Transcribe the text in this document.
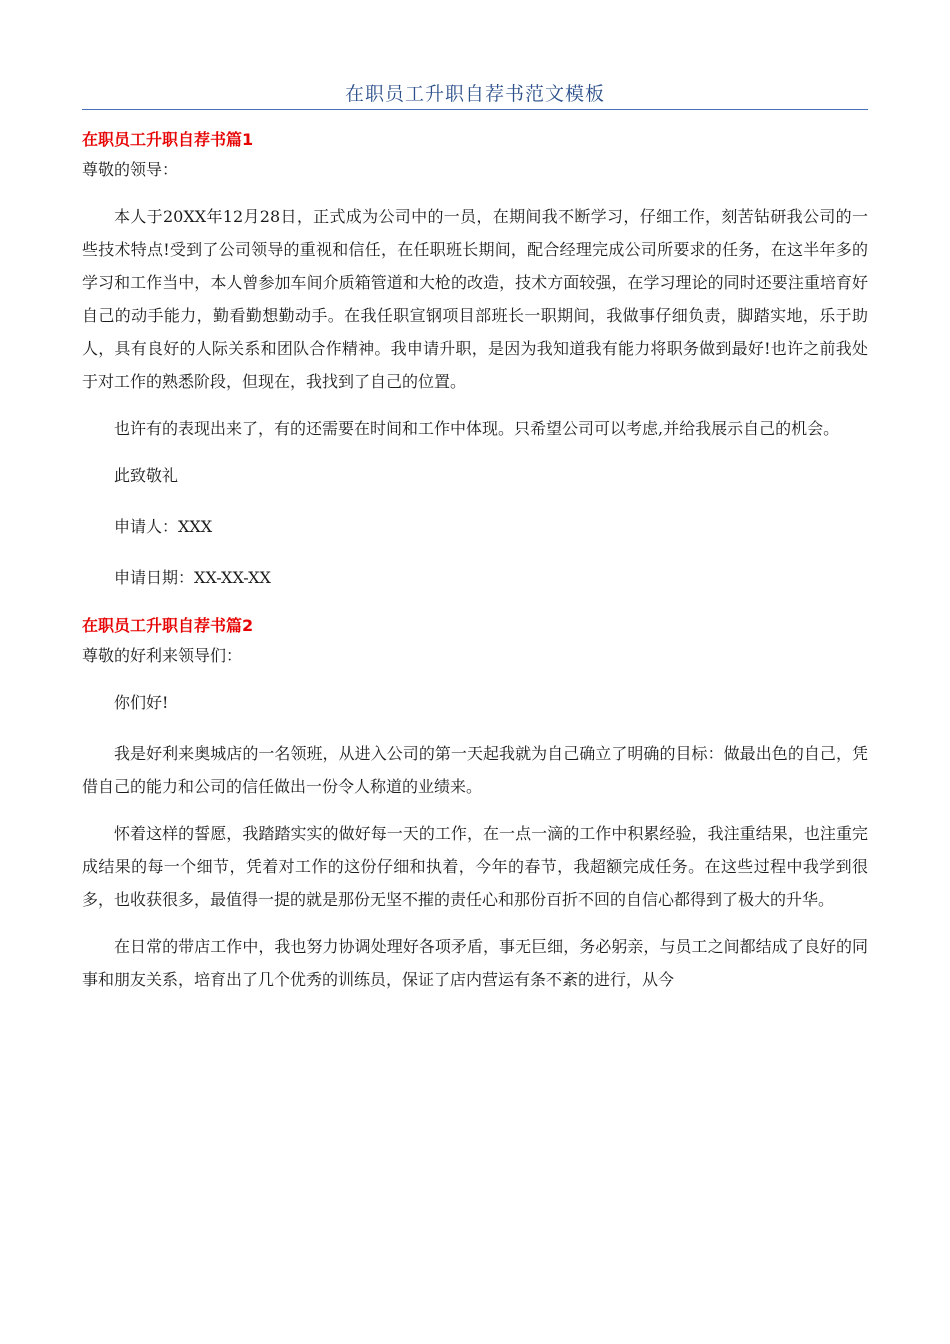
在职员工升职自荐书范文模板
在职员工升职自荐书篇1

尊敬的领导：

本人于20XX年12月28日，正式成为公司中的一员，在期间我不断学习，仔细工作，刻苦钻研我公司的一些技术特点!受到了公司领导的重视和信任，在任职班长期间，配合经理完成公司所要求的任务，在这半年多的学习和工作当中，本人曾参加车间介质箱管道和大枪的改造，技术方面较强，在学习理论的同时还要注重培育好自己的动手能力，勤看勤想勤动手。在我任职宣钢项目部班长一职期间，我做事仔细负责，脚踏实地，乐于助人，具有良好的人际关系和团队合作精神。我申请升职，是因为我知道我有能力将职务做到最好!也许之前我处于对工作的熟悉阶段，但现在，我找到了自己的位置。

也许有的表现出来了，有的还需要在时间和工作中体现。只希望公司可以考虑,并给我展示自己的机会。

此致敬礼

申请人：XXX

申请日期：XX-XX-XX

在职员工升职自荐书篇2

尊敬的好利来领导们：

你们好!

我是好利来奥城店的一名领班，从进入公司的第一天起我就为自己确立了明确的目标：做最出色的自己，凭借自己的能力和公司的信任做出一份令人称道的业绩来。

怀着这样的誓愿，我踏踏实实的做好每一天的工作，在一点一滴的工作中积累经验，我注重结果，也注重完成结果的每一个细节，凭着对工作的这份仔细和执着，今年的春节，我超额完成任务。在这些过程中我学到很多，也收获很多，最值得一提的就是那份无坚不摧的责任心和那份百折不回的自信心都得到了极大的升华。

在日常的带店工作中，我也努力协调处理好各项矛盾，事无巨细，务必躬亲，与员工之间都结成了良好的同事和朋友关系，培育出了几个优秀的训练员，保证了店内营运有条不紊的进行，从今
